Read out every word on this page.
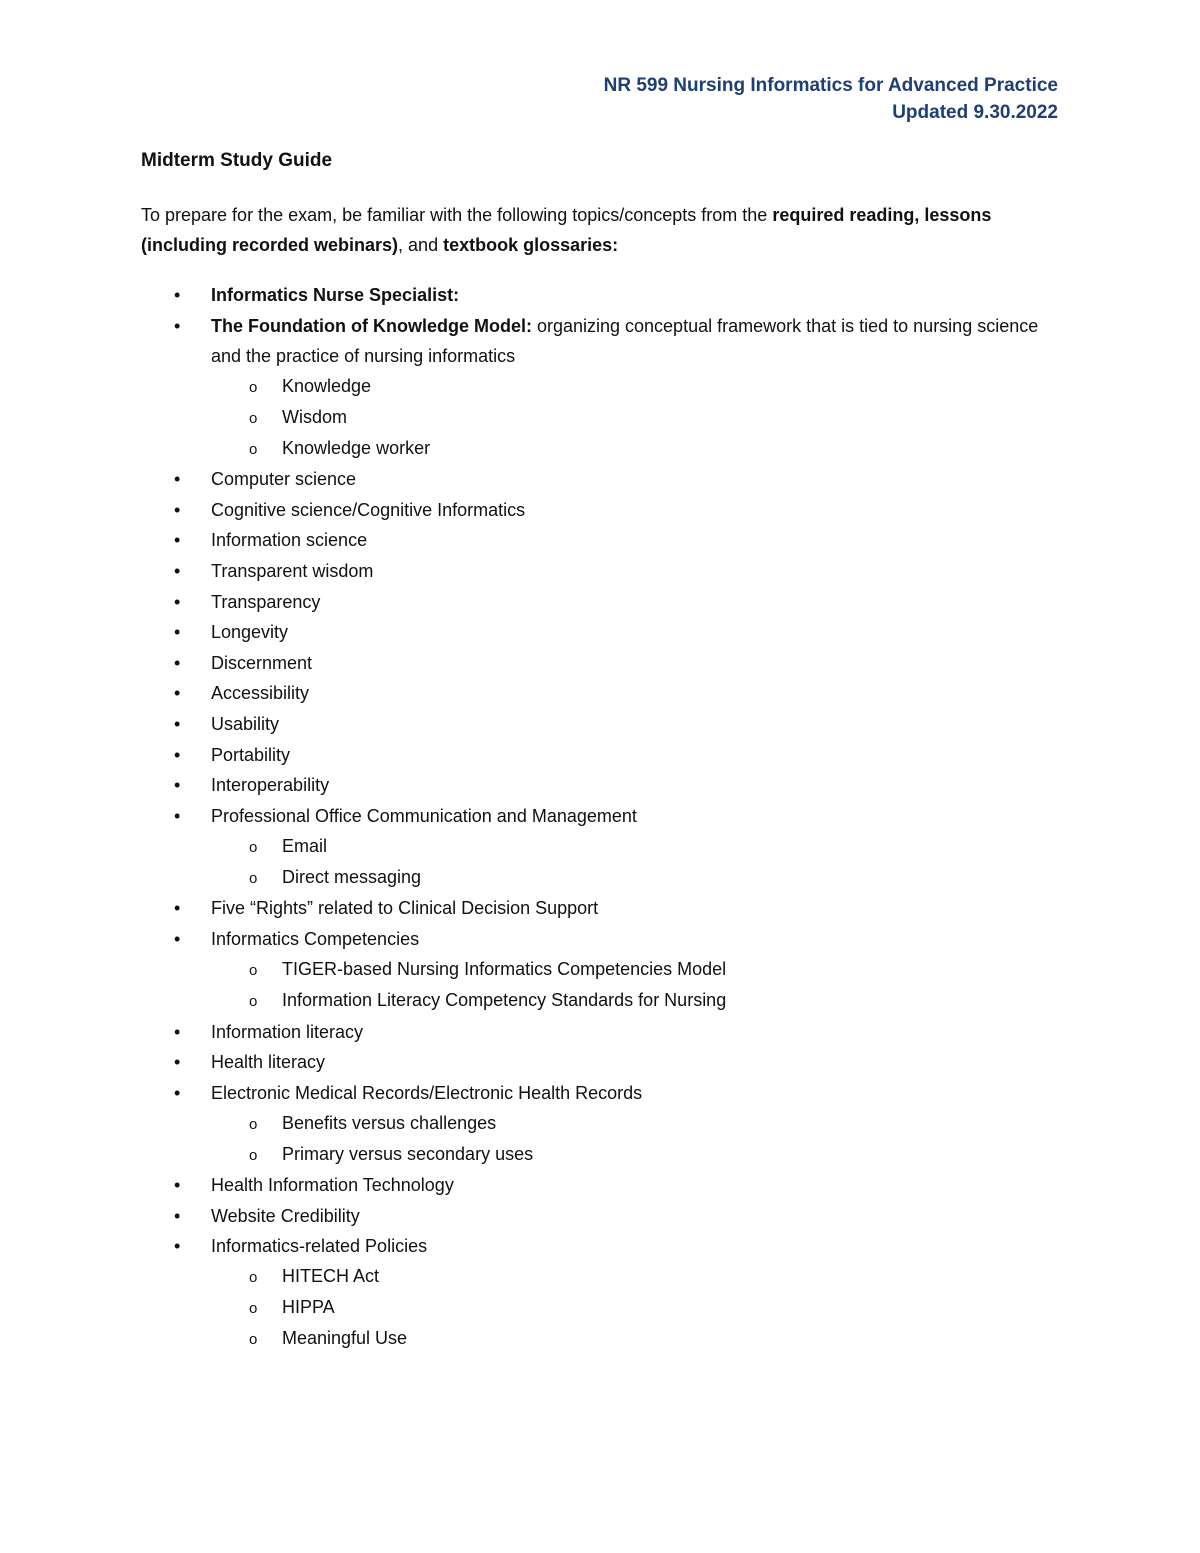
NR 599 Nursing Informatics for Advanced Practice
Updated 9.30.2022
Midterm Study Guide
To prepare for the exam, be familiar with the following topics/concepts from the required reading, lessons (including recorded webinars), and textbook glossaries:
• Informatics Nurse Specialist:
• The Foundation of Knowledge Model: organizing conceptual framework that is tied to nursing science and the practice of nursing informatics
o Knowledge
o Wisdom
o Knowledge worker
• Computer science
• Cognitive science/Cognitive Informatics
• Information science
• Transparent wisdom
• Transparency
• Longevity
• Discernment
• Accessibility
• Usability
• Portability
• Interoperability
• Professional Office Communication and Management
o Email
o Direct messaging
• Five “Rights” related to Clinical Decision Support
• Informatics Competencies
o TIGER-based Nursing Informatics Competencies Model
o Information Literacy Competency Standards for Nursing
• Information literacy
• Health literacy
• Electronic Medical Records/Electronic Health Records
o Benefits versus challenges
o Primary versus secondary uses
• Health Information Technology
• Website Credibility
• Informatics-related Policies
o HITECH Act
o HIPPA
o Meaningful Use
